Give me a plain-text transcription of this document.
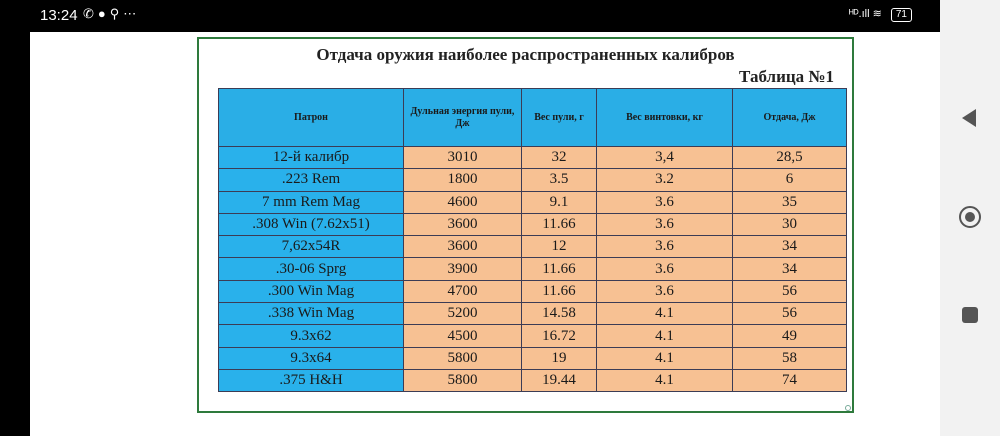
13:24 ✆●⚲⋯	ᴴᴰ.ıll ≋ 71
Отдача оружия наиболее распространенных калибров
Таблица №1
Патрон	Дульная энергия пули, Дж	Вес пули, г	Вес винтовки, кг	Отдача, Дж
12-й калибр	3010	32	3,4	28,5
.223 Rem	1800	3.5	3.2	6
7 mm Rem Mag	4600	9.1	3.6	35
.308 Win (7.62x51)	3600	11.66	3.6	30
7,62x54R	3600	12	3.6	34
.30-06 Sprg	3900	11.66	3.6	34
.300 Win Mag	4700	11.66	3.6	56
.338 Win Mag	5200	14.58	4.1	56
9.3x62	4500	16.72	4.1	49
9.3x64	5800	19	4.1	58
.375 H&H	5800	19.44	4.1	74
